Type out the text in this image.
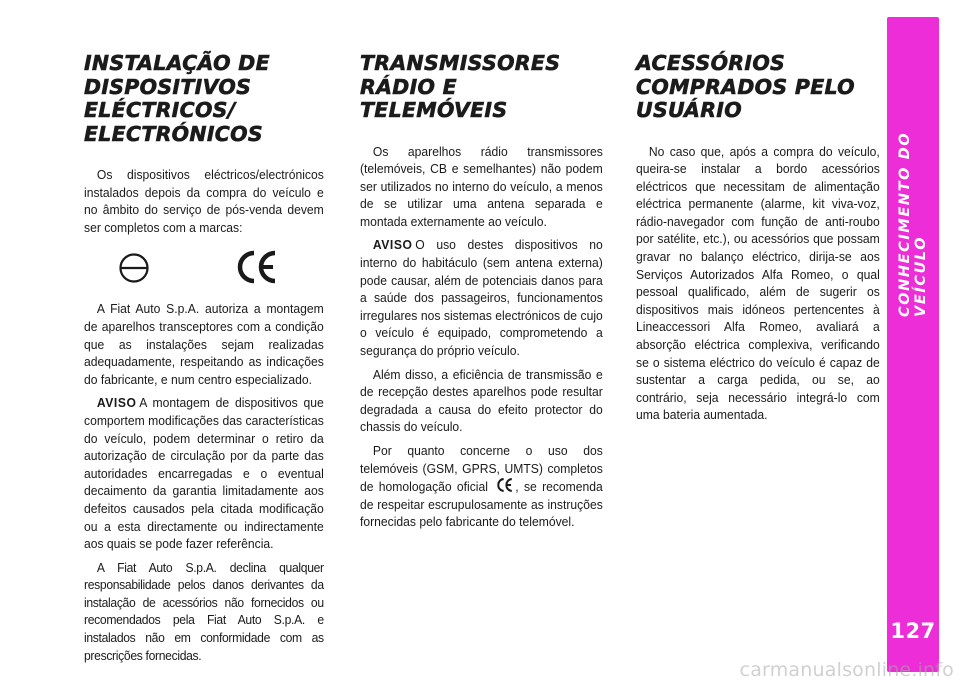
INSTALAÇÃO DE DISPOSITIVOS ELÉCTRICOS/ ELECTRÓNICOS

Os dispositivos eléctricos/electrónicos instalados depois da compra do veículo e no âmbito do serviço de pós-venda devem ser completos com a marcas:

A Fiat Auto S.p.A. autoriza a montagem de aparelhos transceptores com a condição que as instalações sejam realizadas adequadamente, respeitando as indicações do fabricante, e num centro especializado.

AVISO A montagem de dispositivos que comportem modificações das características do veículo, podem determinar o retiro da autorização de circulação por da parte das autoridades encarregadas e o eventual decaimento da garantia limitadamente aos defeitos causados pela citada modificação ou a esta directamente ou indirectamente aos quais se pode fazer referência.

A Fiat Auto S.p.A. declina qualquer responsabilidade pelos danos derivantes da instalação de acessórios não fornecidos ou recomendados pela Fiat Auto S.p.A. e instalados não em conformidade com as prescrições fornecidas.

TRANSMISSORES RÁDIO E TELEMÓVEIS

Os aparelhos rádio transmissores (telemóveis, CB e semelhantes) não podem ser utilizados no interno do veículo, a menos de se utilizar uma antena separada e montada externamente ao veículo.

AVISO O uso destes dispositivos no interno do habitáculo (sem antena externa) pode causar, além de potenciais danos para a saúde dos passageiros, funcionamentos irregulares nos sistemas electrónicos de cujo o veículo é equipado, comprometendo a segurança do próprio veículo.

Além disso, a eficiência de transmissão e de recepção destes aparelhos pode resultar degradada a causa do efeito protector do chassis do veículo.

Por quanto concerne o uso dos telemóveis (GSM, GPRS, UMTS) completos de homologação oficial , se recomenda de respeitar escrupulosamente as instruções fornecidas pelo fabricante do telemóvel.

ACESSÓRIOS COMPRADOS PELO USUÁRIO

No caso que, após a compra do veículo, queira-se instalar a bordo acessórios eléctricos que necessitam de alimentação eléctrica permanente (alarme, kit viva-voz, rádio-navegador com função de anti-roubo por satélite, etc.), ou acessórios que possam gravar no balanço eléctrico, dirija-se aos Serviços Autorizados Alfa Romeo, o qual pessoal qualificado, além de sugerir os dispositivos mais idóneos pertencentes à Lineaccessori Alfa Romeo, avaliará a absorção eléctrica complexiva, verificando se o sistema eléctrico do veículo é capaz de sustentar a carga pedida, ou se, ao contrário, seja necessário integrá-lo com uma bateria aumentada.

CONHECIMENTO DO VEÍCULO
127
carmanualsonline.info
